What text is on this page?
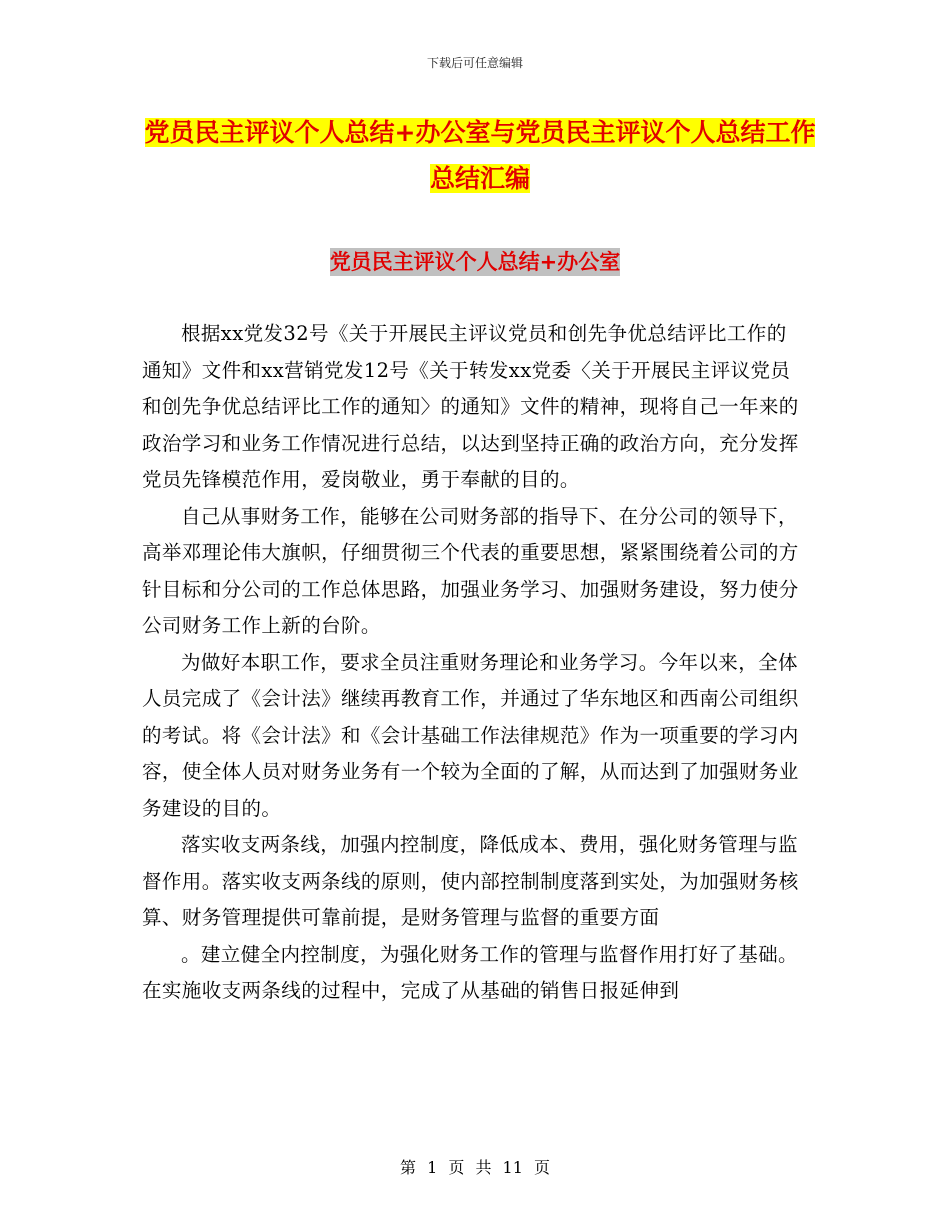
下载后可任意编辑
党员民主评议个人总结+办公室与党员民主评议个人总结工作总结汇编
党员民主评议个人总结+办公室

根据xx党发32号《关于开展民主评议党员和创先争优总结评比工作的通知》文件和xx营销党发12号《关于转发xx党委〈关于开展民主评议党员和创先争优总结评比工作的通知〉的通知》文件的精神，现将自己一年来的政治学习和业务工作情况进行总结，以达到坚持正确的政治方向，充分发挥党员先锋模范作用，爱岗敬业，勇于奉献的目的。

自己从事财务工作，能够在公司财务部的指导下、在分公司的领导下，高举邓理论伟大旗帜，仔细贯彻三个代表的重要思想，紧紧围绕着公司的方针目标和分公司的工作总体思路，加强业务学习、加强财务建设，努力使分公司财务工作上新的台阶。

为做好本职工作，要求全员注重财务理论和业务学习。今年以来，全体人员完成了《会计法》继续再教育工作，并通过了华东地区和西南公司组织的考试。将《会计法》和《会计基础工作法律规范》作为一项重要的学习内容，使全体人员对财务业务有一个较为全面的了解，从而达到了加强财务业务建设的目的。

落实收支两条线，加强内控制度，降低成本、费用，强化财务管理与监督作用。落实收支两条线的原则，使内部控制制度落到实处，为加强财务核算、财务管理提供可靠前提，是财务管理与监督的重要方面

。建立健全内控制度，为强化财务工作的管理与监督作用打好了基础。在实施收支两条线的过程中，完成了从基础的销售日报延伸到

第 1 页 共 11 页
